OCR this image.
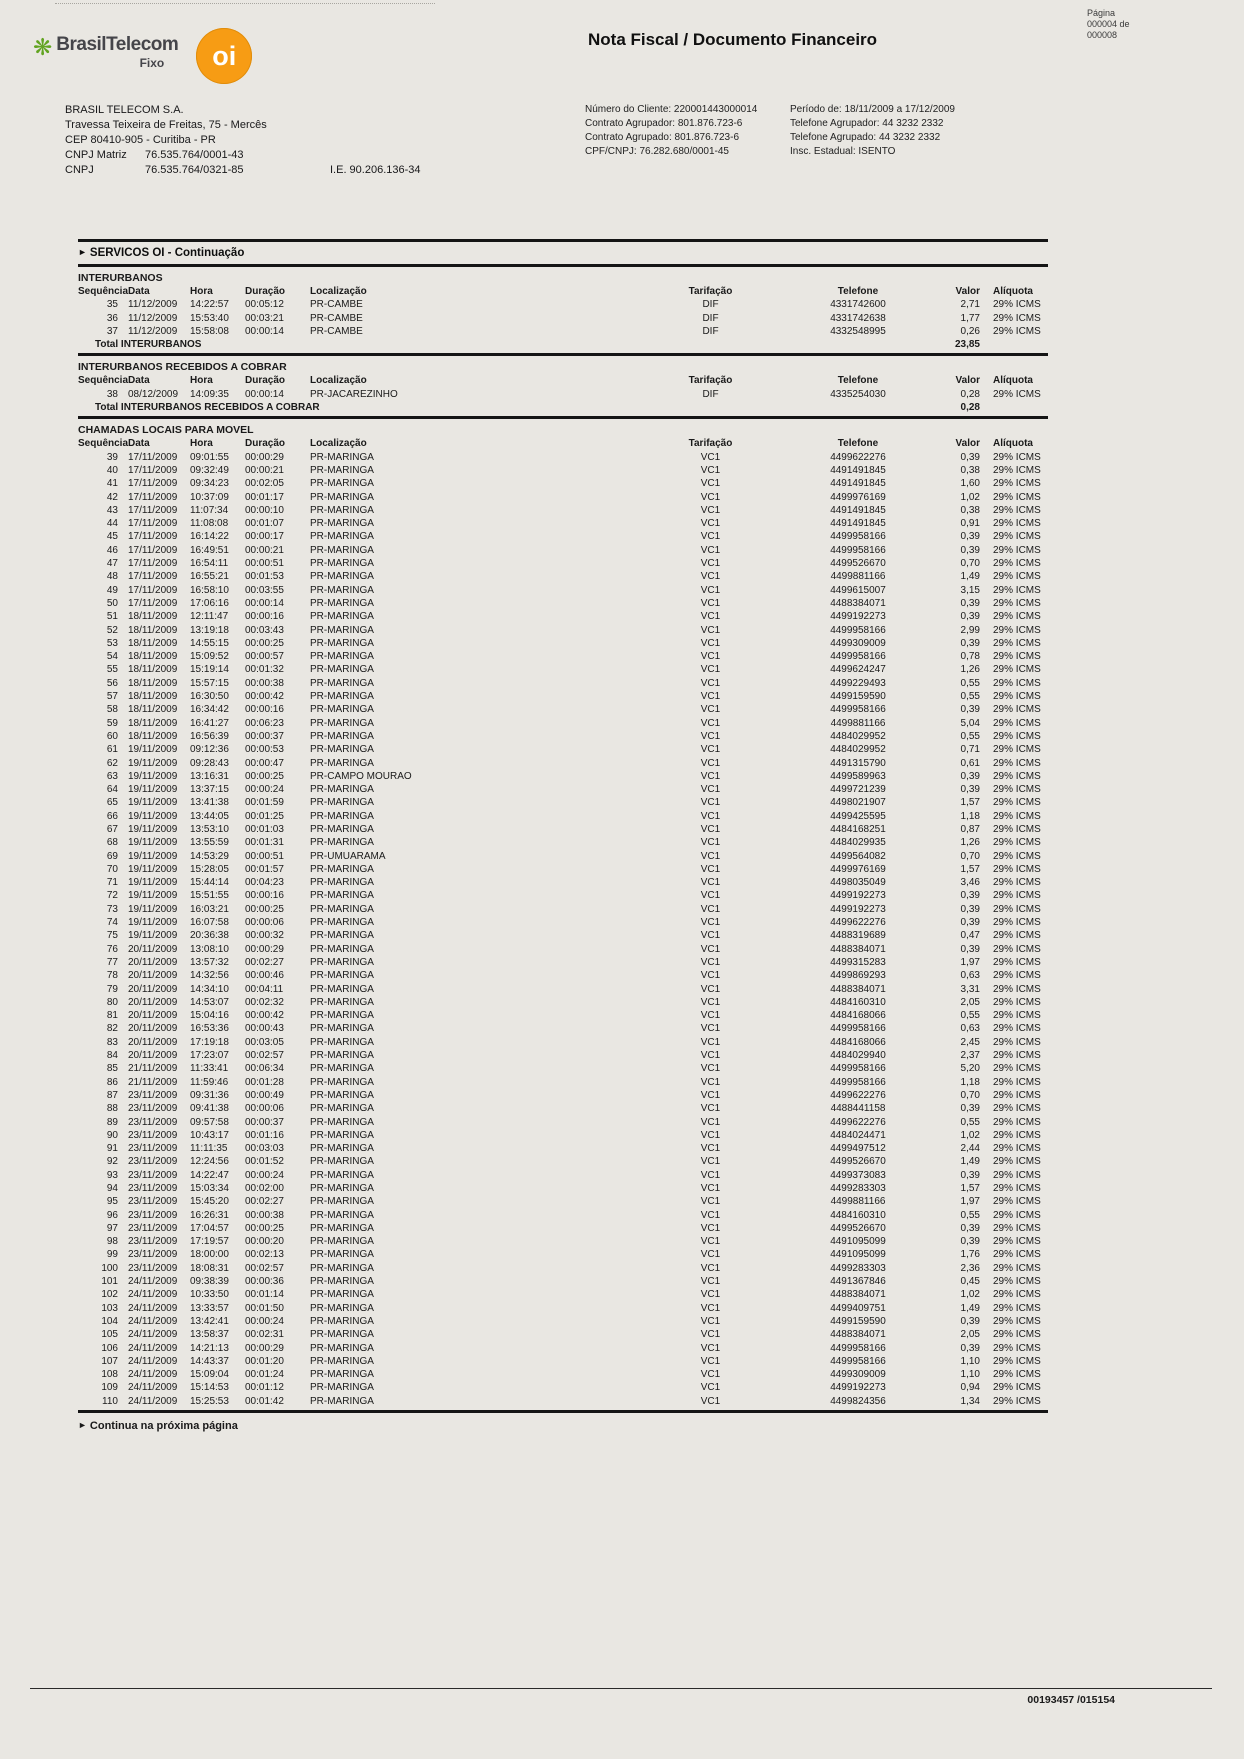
Página
000004 de
000008
Nota Fiscal / Documento Financeiro
❋ BrasilTelecom
Fixo	oi
BRASIL TELECOM S.A.
Travessa Teixeira de Freitas, 75 - Mercês
CEP 80410-905 - Curitiba - PR
CNPJ Matriz 76.535.764/0001-43
CNPJ	76.535.764/0321-85	I.E. 90.206.136-34
Número do Cliente: 220001443000014
Contrato Agrupador: 801.876.723-6
Contrato Agrupado: 801.876.723-6
CPF/CNPJ: 76.282.680/0001-45
Período de: 18/11/2009 a 17/12/2009
Telefone Agrupador: 44 3232 2332
Telefone Agrupado: 44 3232 2332
Insc. Estadual: ISENTO
► SERVICOS OI - Continuação
INTERURBANOS
Sequência Data	Hora	Duração	Localização	Tarifação	Telefone	Valor	Alíquota
35	11/12/2009	14:22:57	00:05:12	PR-CAMBE	DIF	4331742600	2,71	29% ICMS
36	11/12/2009	15:53:40	00:03:21	PR-CAMBE	DIF	4331742638	1,77	29% ICMS
37	11/12/2009	15:58:08	00:00:14	PR-CAMBE	DIF	4332548995	0,26	29% ICMS
Total INTERURBANOS	23,85
INTERURBANOS RECEBIDOS A COBRAR
Sequência Data	Hora	Duração	Localização	Tarifação	Telefone	Valor	Alíquota
38	08/12/2009	14:09:35	00:00:14	PR-JACAREZINHO	DIF	4335254030	0,28	29% ICMS
Total INTERURBANOS RECEBIDOS A COBRAR	0,28
CHAMADAS LOCAIS PARA MOVEL
Sequência Data	Hora	Duração	Localização	Tarifação	Telefone	Valor	Alíquota
39	17/11/2009	09:01:55	00:00:29	PR-MARINGA	VC1	4499622276	0,39	29% ICMS
40	17/11/2009	09:32:49	00:00:21	PR-MARINGA	VC1	4491491845	0,38	29% ICMS
41	17/11/2009	09:34:23	00:02:05	PR-MARINGA	VC1	4491491845	1,60	29% ICMS
42	17/11/2009	10:37:09	00:01:17	PR-MARINGA	VC1	4499976169	1,02	29% ICMS
43	17/11/2009	11:07:34	00:00:10	PR-MARINGA	VC1	4491491845	0,38	29% ICMS
44	17/11/2009	11:08:08	00:01:07	PR-MARINGA	VC1	4491491845	0,91	29% ICMS
45	17/11/2009	16:14:22	00:00:17	PR-MARINGA	VC1	4499958166	0,39	29% ICMS
46	17/11/2009	16:49:51	00:00:21	PR-MARINGA	VC1	4499958166	0,39	29% ICMS
47	17/11/2009	16:54:11	00:00:51	PR-MARINGA	VC1	4499526670	0,70	29% ICMS
48	17/11/2009	16:55:21	00:01:53	PR-MARINGA	VC1	4499881166	1,49	29% ICMS
49	17/11/2009	16:58:10	00:03:55	PR-MARINGA	VC1	4499615007	3,15	29% ICMS
50	17/11/2009	17:06:16	00:00:14	PR-MARINGA	VC1	4488384071	0,39	29% ICMS
51	18/11/2009	12:11:47	00:00:16	PR-MARINGA	VC1	4499192273	0,39	29% ICMS
52	18/11/2009	13:19:18	00:03:43	PR-MARINGA	VC1	4499958166	2,99	29% ICMS
53	18/11/2009	14:55:15	00:00:25	PR-MARINGA	VC1	4499309009	0,39	29% ICMS
54	18/11/2009	15:09:52	00:00:57	PR-MARINGA	VC1	4499958166	0,78	29% ICMS
55	18/11/2009	15:19:14	00:01:32	PR-MARINGA	VC1	4499624247	1,26	29% ICMS
56	18/11/2009	15:57:15	00:00:38	PR-MARINGA	VC1	4499229493	0,55	29% ICMS
57	18/11/2009	16:30:50	00:00:42	PR-MARINGA	VC1	4499159590	0,55	29% ICMS
58	18/11/2009	16:34:42	00:00:16	PR-MARINGA	VC1	4499958166	0,39	29% ICMS
59	18/11/2009	16:41:27	00:06:23	PR-MARINGA	VC1	4499881166	5,04	29% ICMS
60	18/11/2009	16:56:39	00:00:37	PR-MARINGA	VC1	4484029952	0,55	29% ICMS
61	19/11/2009	09:12:36	00:00:53	PR-MARINGA	VC1	4484029952	0,71	29% ICMS
62	19/11/2009	09:28:43	00:00:47	PR-MARINGA	VC1	4491315790	0,61	29% ICMS
63	19/11/2009	13:16:31	00:00:25	PR-CAMPO MOURAO	VC1	4499589963	0,39	29% ICMS
64	19/11/2009	13:37:15	00:00:24	PR-MARINGA	VC1	4499721239	0,39	29% ICMS
65	19/11/2009	13:41:38	00:01:59	PR-MARINGA	VC1	4498021907	1,57	29% ICMS
66	19/11/2009	13:44:05	00:01:25	PR-MARINGA	VC1	4499425595	1,18	29% ICMS
67	19/11/2009	13:53:10	00:01:03	PR-MARINGA	VC1	4484168251	0,87	29% ICMS
68	19/11/2009	13:55:59	00:01:31	PR-MARINGA	VC1	4484029935	1,26	29% ICMS
69	19/11/2009	14:53:29	00:00:51	PR-UMUARAMA	VC1	4499564082	0,70	29% ICMS
70	19/11/2009	15:28:05	00:01:57	PR-MARINGA	VC1	4499976169	1,57	29% ICMS
71	19/11/2009	15:44:14	00:04:23	PR-MARINGA	VC1	4498035049	3,46	29% ICMS
72	19/11/2009	15:51:55	00:00:16	PR-MARINGA	VC1	4499192273	0,39	29% ICMS
73	19/11/2009	16:03:21	00:00:25	PR-MARINGA	VC1	4499192273	0,39	29% ICMS
74	19/11/2009	16:07:58	00:00:06	PR-MARINGA	VC1	4499622276	0,39	29% ICMS
75	19/11/2009	20:36:38	00:00:32	PR-MARINGA	VC1	4488319689	0,47	29% ICMS
76	20/11/2009	13:08:10	00:00:29	PR-MARINGA	VC1	4488384071	0,39	29% ICMS
77	20/11/2009	13:57:32	00:02:27	PR-MARINGA	VC1	4499315283	1,97	29% ICMS
78	20/11/2009	14:32:56	00:00:46	PR-MARINGA	VC1	4499869293	0,63	29% ICMS
79	20/11/2009	14:34:10	00:04:11	PR-MARINGA	VC1	4488384071	3,31	29% ICMS
80	20/11/2009	14:53:07	00:02:32	PR-MARINGA	VC1	4484160310	2,05	29% ICMS
81	20/11/2009	15:04:16	00:00:42	PR-MARINGA	VC1	4484168066	0,55	29% ICMS
82	20/11/2009	16:53:36	00:00:43	PR-MARINGA	VC1	4499958166	0,63	29% ICMS
83	20/11/2009	17:19:18	00:03:05	PR-MARINGA	VC1	4484168066	2,45	29% ICMS
84	20/11/2009	17:23:07	00:02:57	PR-MARINGA	VC1	4484029940	2,37	29% ICMS
85	21/11/2009	11:33:41	00:06:34	PR-MARINGA	VC1	4499958166	5,20	29% ICMS
86	21/11/2009	11:59:46	00:01:28	PR-MARINGA	VC1	4499958166	1,18	29% ICMS
87	23/11/2009	09:31:36	00:00:49	PR-MARINGA	VC1	4499622276	0,70	29% ICMS
88	23/11/2009	09:41:38	00:00:06	PR-MARINGA	VC1	4488441158	0,39	29% ICMS
89	23/11/2009	09:57:58	00:00:37	PR-MARINGA	VC1	4499622276	0,55	29% ICMS
90	23/11/2009	10:43:17	00:01:16	PR-MARINGA	VC1	4484024471	1,02	29% ICMS
91	23/11/2009	11:11:35	00:03:03	PR-MARINGA	VC1	4499497512	2,44	29% ICMS
92	23/11/2009	12:24:56	00:01:52	PR-MARINGA	VC1	4499526670	1,49	29% ICMS
93	23/11/2009	14:22:47	00:00:24	PR-MARINGA	VC1	4499373083	0,39	29% ICMS
94	23/11/2009	15:03:34	00:02:00	PR-MARINGA	VC1	4499283303	1,57	29% ICMS
95	23/11/2009	15:45:20	00:02:27	PR-MARINGA	VC1	4499881166	1,97	29% ICMS
96	23/11/2009	16:26:31	00:00:38	PR-MARINGA	VC1	4484160310	0,55	29% ICMS
97	23/11/2009	17:04:57	00:00:25	PR-MARINGA	VC1	4499526670	0,39	29% ICMS
98	23/11/2009	17:19:57	00:00:20	PR-MARINGA	VC1	4491095099	0,39	29% ICMS
99	23/11/2009	18:00:00	00:02:13	PR-MARINGA	VC1	4491095099	1,76	29% ICMS
100	23/11/2009	18:08:31	00:02:57	PR-MARINGA	VC1	4499283303	2,36	29% ICMS
101	24/11/2009	09:38:39	00:00:36	PR-MARINGA	VC1	4491367846	0,45	29% ICMS
102	24/11/2009	10:33:50	00:01:14	PR-MARINGA	VC1	4488384071	1,02	29% ICMS
103	24/11/2009	13:33:57	00:01:50	PR-MARINGA	VC1	4499409751	1,49	29% ICMS
104	24/11/2009	13:42:41	00:00:24	PR-MARINGA	VC1	4499159590	0,39	29% ICMS
105	24/11/2009	13:58:37	00:02:31	PR-MARINGA	VC1	4488384071	2,05	29% ICMS
106	24/11/2009	14:21:13	00:00:29	PR-MARINGA	VC1	4499958166	0,39	29% ICMS
107	24/11/2009	14:43:37	00:01:20	PR-MARINGA	VC1	4499958166	1,10	29% ICMS
108	24/11/2009	15:09:04	00:01:24	PR-MARINGA	VC1	4499309009	1,10	29% ICMS
109	24/11/2009	15:14:53	00:01:12	PR-MARINGA	VC1	4499192273	0,94	29% ICMS
110	24/11/2009	15:25:53	00:01:42	PR-MARINGA	VC1	4499824356	1,34	29% ICMS
► Continua na próxima página
00193457 /015154
